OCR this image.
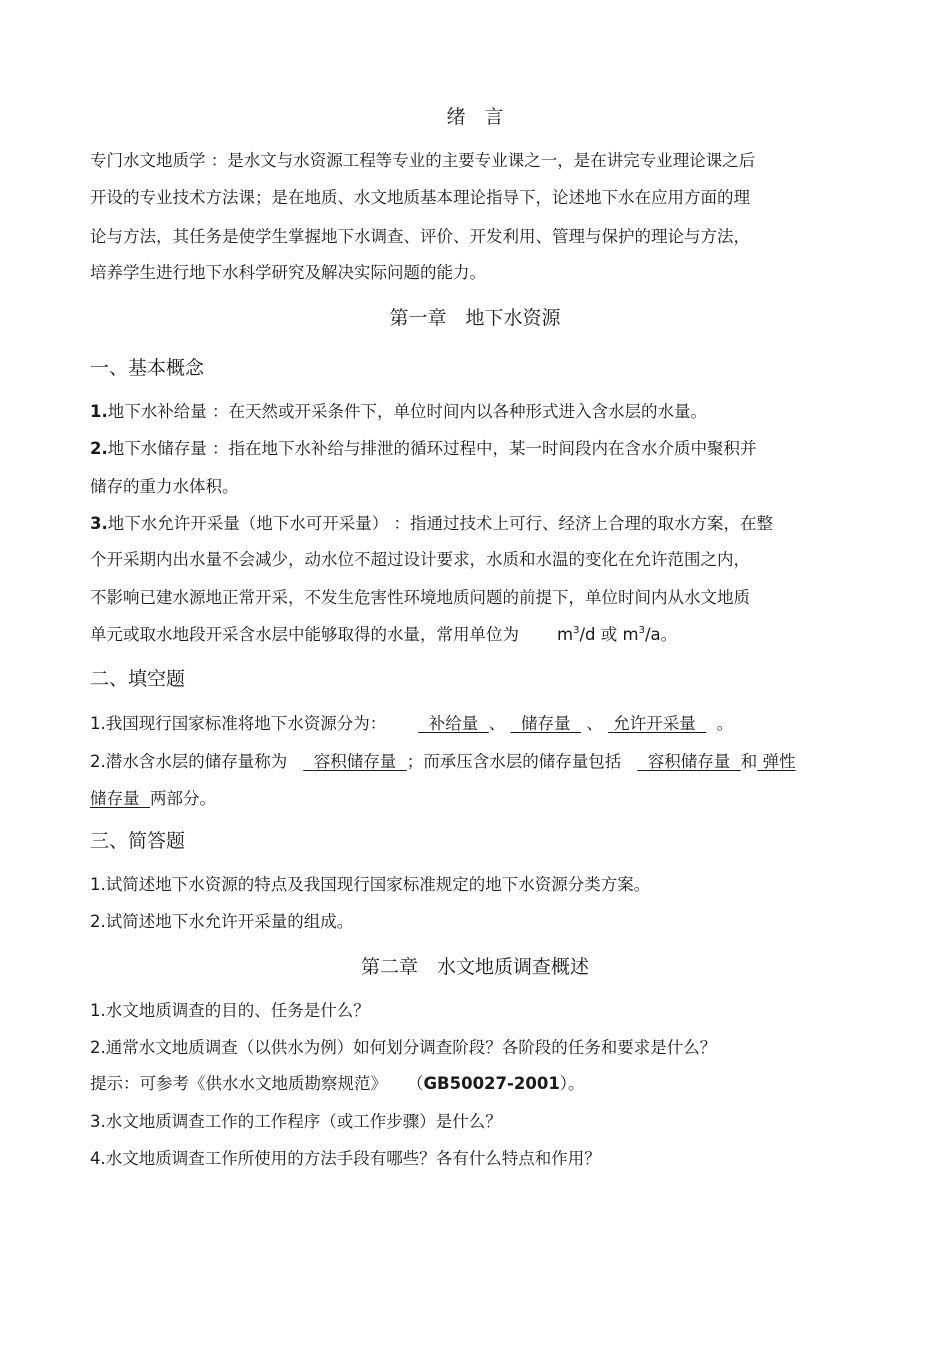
绪　言
专门水文地质学 ：是水文与水资源工程等专业的主要专业课之一，是在讲完专业理论课之后
开设的专业技术方法课；是在地质、水文地质基本理论指导下，论述地下水在应用方面的理
论与方法，其任务是使学生掌握地下水调查、评价、开发利用、管理与保护的理论与方法，
培养学生进行地下水科学研究及解决实际问题的能力。
第一章　地下水资源
一、基本概念
1.地下水补给量 ：在天然或开采条件下，单位时间内以各种形式进入含水层的水量。
2.地下水储存量 ：指在地下水补给与排泄的循环过程中，某一时间段内在含水介质中聚积并
储存的重力水体积。
3.地下水允许开采量（地下水可开采量） ：指通过技术上可行、经济上合理的取水方案，在整
个开采期内出水量不会减少，动水位不超过设计要求，水质和水温的变化在允许范围之内，
不影响已建水源地正常开采，不发生危害性环境地质问题的前提下，单位时间内从水文地质
单元或取水地段开采含水层中能够取得的水量，常用单位为 $m^3/d$ 或 $m^3/a$。
二、填空题
1.我国现行国家标准将地下水资源分为：	补给量 、 储存量 、 允许开采量 。
2.潜水含水层的储存量称为 容积储存量 ；而承压含水层的储存量包括 容积储存量 和 弹性
储存量 两部分。
三、简答题
1.试简述地下水资源的特点及我国现行国家标准规定的地下水资源分类方案。
2.试简述地下水允许开采量的组成。
第二章　水文地质调查概述
1.水文地质调查的目的、任务是什么？
2.通常水文地质调查（以供水为例）如何划分调查阶段？各阶段的任务和要求是什么？
提示：可参考《供水水文地质勘察规范》 （GB50027-2001）。
3.水文地质调查工作的工作程序（或工作步骤）是什么？
4.水文地质调查工作所使用的方法手段有哪些？各有什么特点和作用？
